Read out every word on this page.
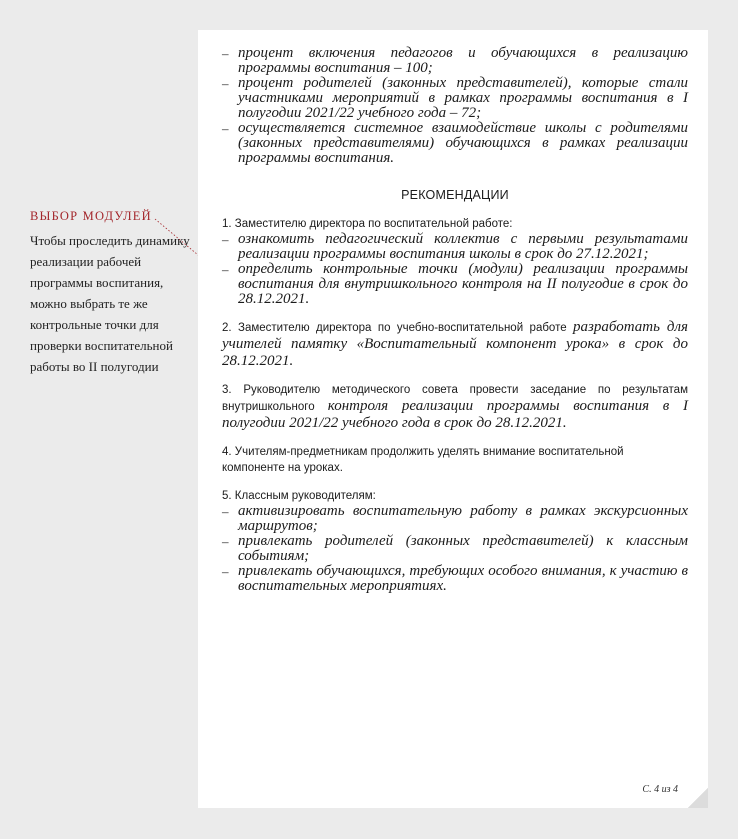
ВЫБОР МОДУЛЕЙ
Чтобы проследить динамику реализации рабочей программы воспитания, можно выбрать те же контрольные точки для проверки воспитательной работы во II полугодии
– процент включения педагогов и обучающихся в реализацию программы воспитания – 100;
– процент родителей (законных представителей), которые стали участниками мероприятий в рамках программы воспитания в I полугодии 2021/22 учебного года – 72;
– осуществляется системное взаимодействие школы с родителями (законных представителями) обучающихся в рамках реализации программы воспитания.
РЕКОМЕНДАЦИИ

1. Заместителю директора по воспитательной работе:

– ознакомить педагогический коллектив с первыми результатами реализации программы воспитания школы в срок до 27.12.2021;
– определить контрольные точки (модули) реализации программы воспитания для внутришкольного контроля на II полугодие в срок до 28.12.2021.

2. Заместителю директора по учебно-воспитательной работе разработать для учителей памятку «Воспитательный компонент урока» в срок до 28.12.2021.

3. Руководителю методического совета провести заседание по результатам внутришкольного контроля реализации программы воспитания в I полугодии 2021/22 учебного года в срок до 28.12.2021.

4. Учителям-предметникам продолжить уделять внимание воспитательной компоненте на уроках.

5. Классным руководителям:

– активизировать воспитательную работу в рамках экскурсионных маршрутов;
– привлекать родителей (законных представителей) к классным событиям;
– привлекать обучающихся, требующих особого внимания, к участию в воспитательных мероприятиях.
С. 4 из 4
